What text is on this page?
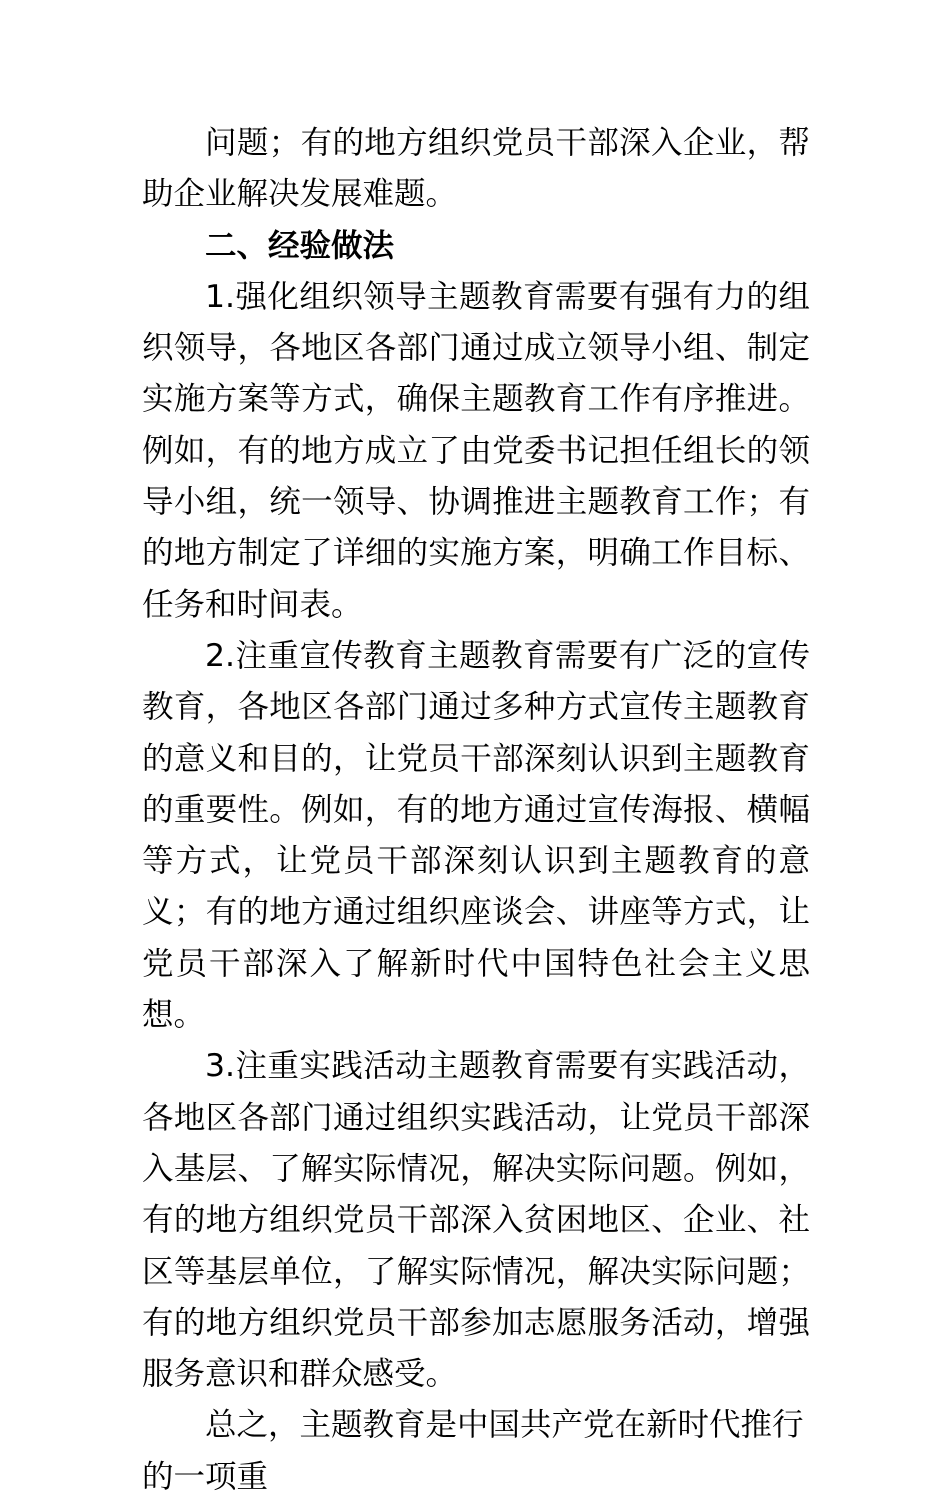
问题；有的地方组织党员干部深入企业，帮助企业解决发展难题。

二、经验做法

1.强化组织领导主题教育需要有强有力的组织领导，各地区各部门通过成立领导小组、制定实施方案等方式，确保主题教育工作有序推进。例如，有的地方成立了由党委书记担任组长的领导小组，统一领导、协调推进主题教育工作；有的地方制定了详细的实施方案，明确工作目标、任务和时间表。

2.注重宣传教育主题教育需要有广泛的宣传教育，各地区各部门通过多种方式宣传主题教育的意义和目的，让党员干部深刻认识到主题教育的重要性。例如，有的地方通过宣传海报、横幅等方式，让党员干部深刻认识到主题教育的意义；有的地方通过组织座谈会、讲座等方式，让党员干部深入了解新时代中国特色社会主义思想。

3.注重实践活动主题教育需要有实践活动，各地区各部门通过组织实践活动，让党员干部深入基层、了解实际情况，解决实际问题。例如，有的地方组织党员干部深入贫困地区、企业、社区等基层单位，了解实际情况，解决实际问题；有的地方组织党员干部参加志愿服务活动，增强服务意识和群众感受。

总之，主题教育是中国共产党在新时代推行的一项重
